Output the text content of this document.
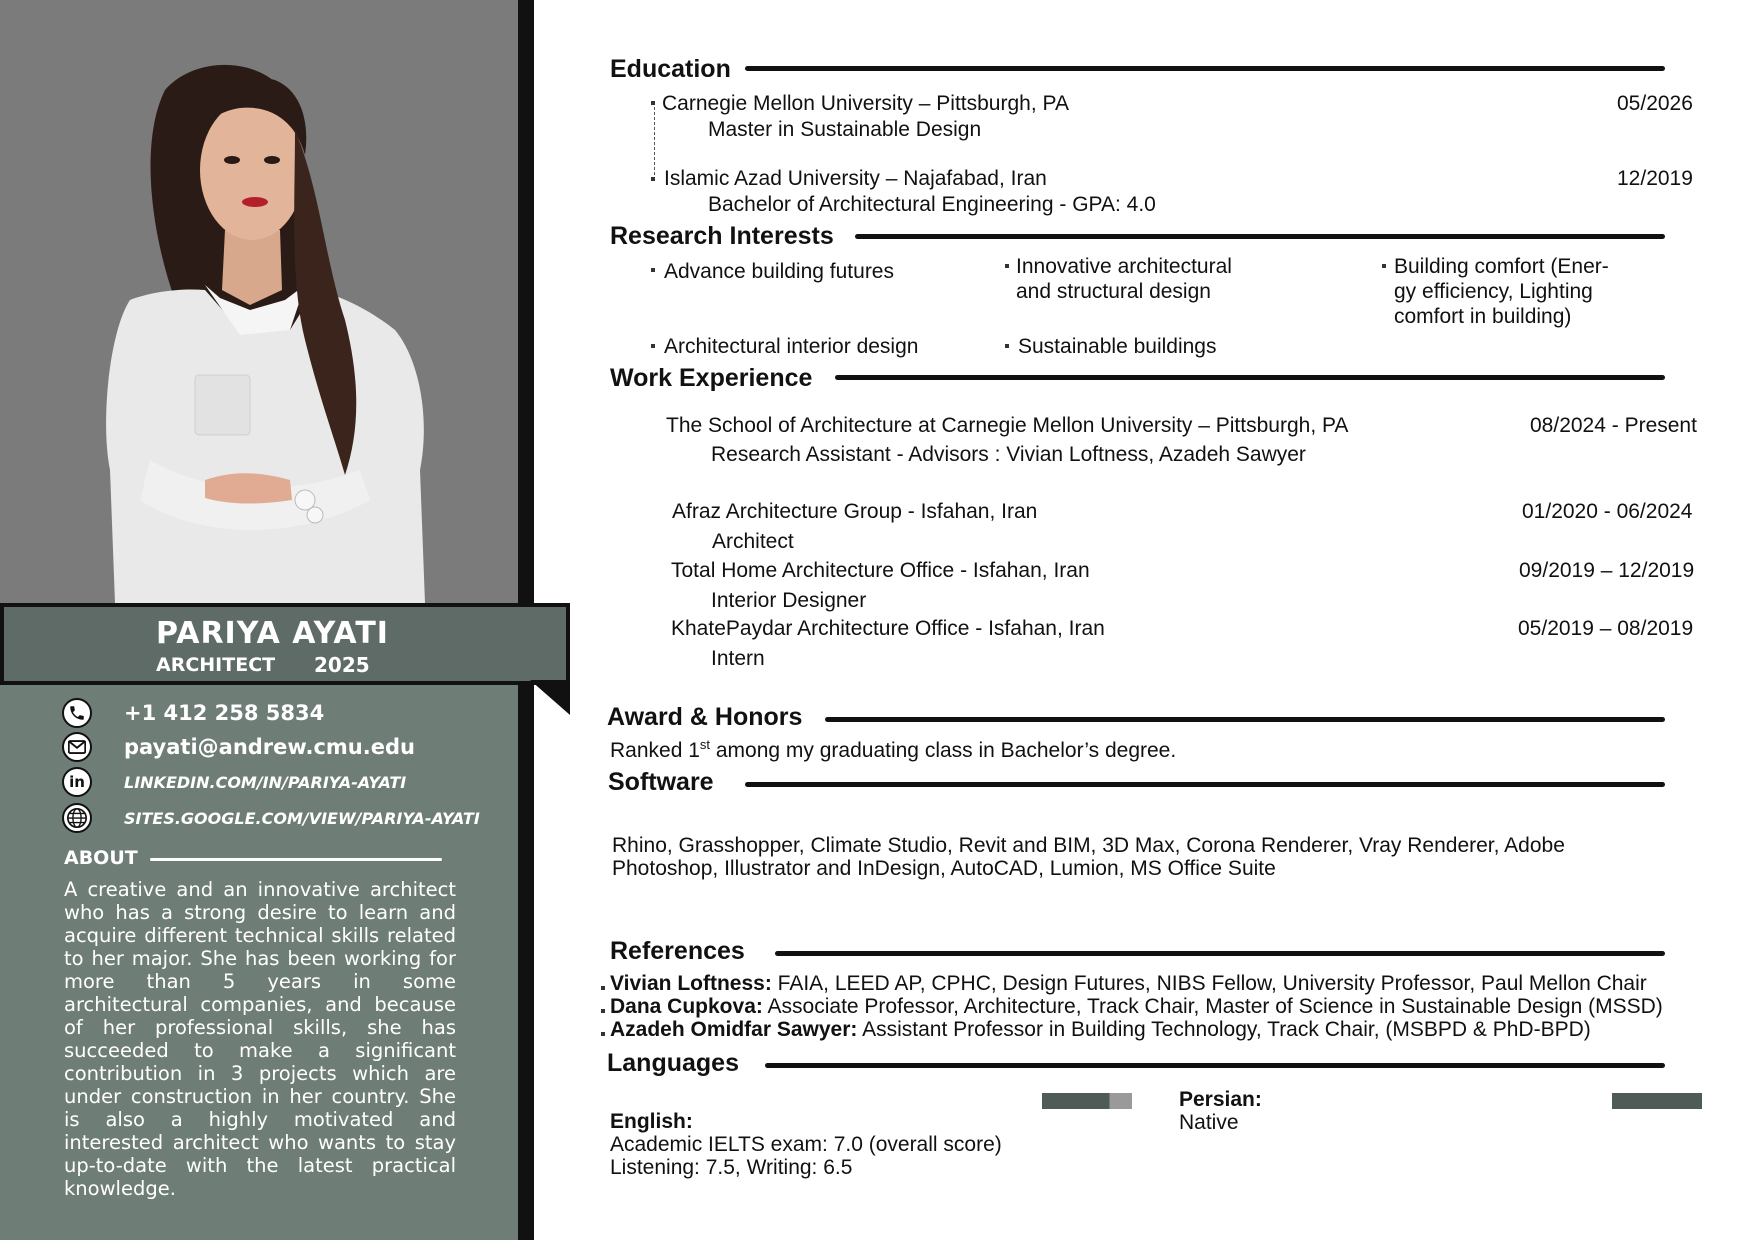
PARIYA AYATI
ARCHITECT 2025
+1 412 258 5834
payati@andrew.cmu.edu
in LINKEDIN.COM/IN/PARIYA-AYATI
SITES.GOOGLE.COM/VIEW/PARIYA-AYATI
ABOUT
A creative and an innovative architect who has a strong desire to learn and acquire different technical skills related to her major. She has been working for more than 5 years in some architectural companies, and because of her professional skills, she has succeeded to make a significant contribution in 3 projects which are under construction in her country. She is also a highly motivated and interested architect who wants to stay up-to-date with the latest practical knowledge.
Education
Carnegie Mellon University – Pittsburgh, PA
Master in Sustainable Design
05/2026
Islamic Azad University – Najafabad, Iran
Bachelor of Architectural Engineering - GPA: 4.0
12/2019
Research Interests
Advance building futures	Innovative architectural
and structural design
Building comfort (Ener-
gy efficiency, Lighting
comfort in building)
Architectural interior design	Sustainable buildings
Work Experience
The School of Architecture at Carnegie Mellon University – Pittsburgh, PA
Research Assistant - Advisors : Vivian Loftness, Azadeh Sawyer
08/2024 - Present
Afraz Architecture Group - Isfahan, Iran
Architect
01/2020 - 06/2024
Total Home Architecture Office - Isfahan, Iran
Interior Designer
09/2019 – 12/2019
KhatePaydar Architecture Office - Isfahan, Iran
Intern
05/2019 – 08/2019
Award & Honors
Ranked 1st among my graduating class in Bachelor’s degree.
Software
Rhino, Grasshopper, Climate Studio, Revit and BIM, 3D Max, Corona Renderer, Vray Renderer, Adobe
Photoshop, Illustrator and InDesign, AutoCAD, Lumion, MS Office Suite
References
Vivian Loftness: FAIA, LEED AP, CPHC, Design Futures, NIBS Fellow, University Professor, Paul Mellon Chair
Dana Cupkova: Associate Professor, Architecture, Track Chair, Master of Science in Sustainable Design (MSSD)
Azadeh Omidfar Sawyer: Assistant Professor in Building Technology, Track Chair, (MSBPD & PhD-BPD)
Languages
English:
Academic IELTS exam: 7.0 (overall score)
Listening: 7.5, Writing: 6.5
Persian:
Native
